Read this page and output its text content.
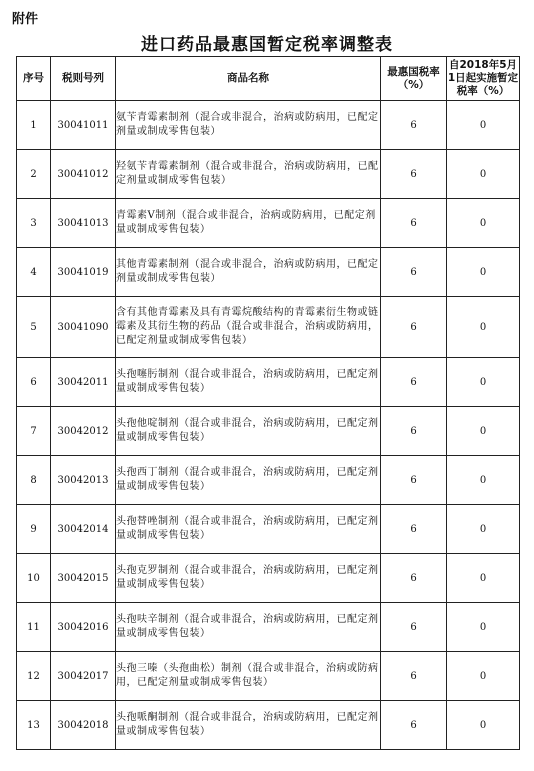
附件
进口药品最惠国暂定税率调整表
序号	税则号列	商品名称	最惠国税率（%）	自2018年5月1日起实施暂定税率（%）
1	30041011	氨苄青霉素制剂（混合或非混合，治病或防病用，已配定剂量或制成零售包装）	6	0
2	30041012	羟氨苄青霉素制剂（混合或非混合，治病或防病用，已配定剂量或制成零售包装）	6	0
3	30041013	青霉素V制剂（混合或非混合，治病或防病用，已配定剂量或制成零售包装）	6	0
4	30041019	其他青霉素制剂（混合或非混合，治病或防病用，已配定剂量或制成零售包装）	6	0
5	30041090	含有其他青霉素及具有青霉烷酸结构的青霉素衍生物或链霉素及其衍生物的药品（混合或非混合，治病或防病用，已配定剂量或制成零售包装）	6	0
6	30042011	头孢噻肟制剂（混合或非混合，治病或防病用，已配定剂量或制成零售包装）	6	0
7	30042012	头孢他啶制剂（混合或非混合，治病或防病用，已配定剂量或制成零售包装）	6	0
8	30042013	头孢西丁制剂（混合或非混合，治病或防病用，已配定剂量或制成零售包装）	6	0
9	30042014	头孢替唑制剂（混合或非混合，治病或防病用，已配定剂量或制成零售包装）	6	0
10	30042015	头孢克罗制剂（混合或非混合，治病或防病用，已配定剂量或制成零售包装）	6	0
11	30042016	头孢呋辛制剂（混合或非混合，治病或防病用，已配定剂量或制成零售包装）	6	0
12	30042017	头孢三嗪（头孢曲松）制剂（混合或非混合，治病或防病用，已配定剂量或制成零售包装）	6	0
13	30042018	头孢哌酮制剂（混合或非混合，治病或防病用，已配定剂量或制成零售包装）	6	0
